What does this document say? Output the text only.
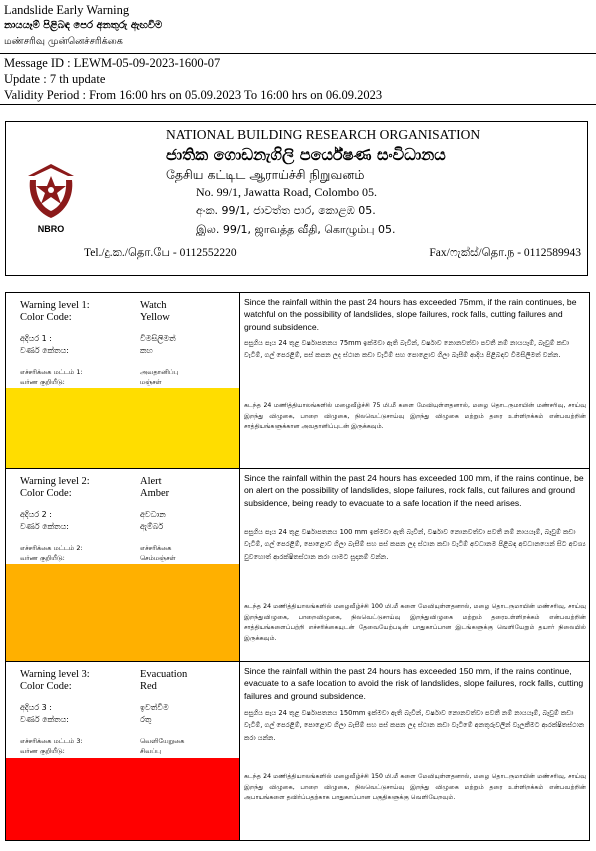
Landslide Early Warning
නායයෑම් පිළිබඳ පෙර අනතුරු ඇඟවීම
மண்சரிவு முன்னெச்சரிக்கை
Message ID : LEWM-05-09-2023-1600-07
Update : 7 th update
Validity Period : From 16:00 hrs on 05.09.2023 To 16:00 hrs on 06.09.2023
NBRO
NATIONAL BUILDING RESEARCH ORGANISATION
ජාතික ගොඩනැගිලි පර්යේෂණ සංවිධානය
தேசிய கட்டிட ஆராய்ச்சி நிறுவனம்
No. 99/1, Jawatta Road, Colombo 05.
අංක. 99/1, ජාවත්ත පාර, කොළඹ 05.
இல. 99/1, ஜாவத்த வீதி, கொழும்பு 05.
Tel./දු.ක./தொ.பே - 0112552220	Fax/ෆැක්ස්/தொ.ந - 0112589943
Warning level 1:	Watch
Color Code:	Yellow
අදියර 1 :	විමසිලිමත්
වර්ණ කේතය:	කහ
எச்சரிக்கை மட்டம் 1:	அவதானிப்பு
வர்ண குறியீடு:	மஞ்சள்
Since the rainfall within the past 24 hours has exceeded 75mm, if the rain continues, be watchful on the possibility of landslides, slope failures, rock falls, cutting failures and ground subsidence.
පසුගිය පැය 24 තුළ වර්ෂාපතනය 75mm ඉක්මවා ඇති බැවින්, වර්ෂාව නොනවත්වා පවතී නම් නායයෑම්, බෑවුම් කඩා වැටීම්, ගල් පෙරළීම්, පස් කපන ලද ස්ථාන කඩා වැටීම් සහ පොළොව ගිලා බැසීම් ආදිය පිළිබඳව විමසිලිමත් වන්න.
கடந்த 24 மணித்தியாலங்களில் மழைவீழ்ச்சி 75 மி.மீ களை மேவியுள்ளதனால், மழை தொடருமாயின் மண்சரிவு, சாய்வு இறந்து விழுகை, பாறை விழுகை, நிலவெட்டுசாய்வு இறந்து விழுகை மற்றும் தரை உள்ளிறக்கம் என்பவற்றின் சாத்தியங்களுக்கான அவதானிப்புடன் இருக்கவும்.
Warning level 2:	Alert
Color Code:	Amber
අදියර 2 :	අවධාන
වර්ණ කේතය:	ඇම්බර්
எச்சரிக்கை மட்டம் 2:	எச்சரிக்கை
வர்ண குறியீடு:	செம்மஞ்சள்
Since the rainfall within the past 24 hours has exceeded 100 mm, if the rains continue, be on alert on the possibility of landslides, slope failures, rock falls, cut failures and ground subsidence, being ready to evacuate to a safe location if the need arises.
පසුගිය පැය 24 තුළ වර්ෂාපතනය 100 mm ඉක්මවා ඇති බැවින්, වර්ෂාව නොනවත්වා පවතී නම් නායයෑම්, බෑවුම් කඩා වැටීම්, ගල් පෙරළීම්, පොළොව ගිලා බැසීම් සහ පස් කපන ලද ස්ථාන කඩා වැටීම් අවධානම පිළිබඳ අවධානයෙන් සිට අවශ්‍ය වුවහොත් ආරක්ෂිතස්ථාන කරා යාමට සූදානම් වන්න.
கடந்த 24 மணித்தியாலங்களில் மழைவீழ்ச்சி 100 மி.மீ களை மேவியுள்ளதனால், மழை தொடருமாயின் மண்சரிவு, சாய்வு இறந்துவிழுகை, பாறைவிழுகை, நிலவெட்டுசாய்வு இறந்துவிழுகை மற்றும் தரைஉள்ளிறக்கம் என்பவற்றின் சாத்தியங்களைப்பற்றி எச்சரிக்கையுடன் தேவையேற்படின் பாதுகாப்பான இடங்களுக்கு வெளியேறும் தயார் நிலையில் இருக்கவும்.
Warning level 3:	Evacuation
Color Code:	Red
අදියර 3 :	ඉවත්වීම
වර්ණ කේතය:	රතු
எச்சரிக்கை மட்டம் 3:	வெளியேறுகை
வர்ண குறியீடு:	சிவப்பு
Since the rainfall within the past 24 hours has exceeded 150 mm, if the rains continue, evacuate to a safe location to avoid the risk of landslides, slope failures, rock falls, cutting failures and ground subsidence.
පසුගිය පැය 24 තුළ වර්ෂාපතනය 150mm ඉක්මවා ඇති බැවින්, වර්ෂාව නොනවත්වා පවතී නම් නායයෑම්, බෑවුම් කඩා වැටීම්, ගල් පෙරළීම්, පොළොව ගිලා බැසීම් සහ පස් කපන ලද ස්ථාන කඩා වැටීමේ අනතුරුවලින් වැලකීමට ආරක්ෂිතස්ථාන කරා යන්න.
கடந்த 24 மணித்தியாலங்களில் மழைவீழ்ச்சி 150 மி.மீ களை மேவியுள்ளதனால், மழை தொடருமாயின் மண்சரிவு, சாய்வு இறந்து விழுகை, பாறை விழுகை, நிலவெட்டுசாய்வு இறந்து விழுகை மற்றும் தரை உள்ளிறக்கம் என்பவற்றின் அபாயங்களை தவிர்ப்பதற்காக பாதுகாப்பான பகுதிகளுக்கு வெளியேறவும்.
